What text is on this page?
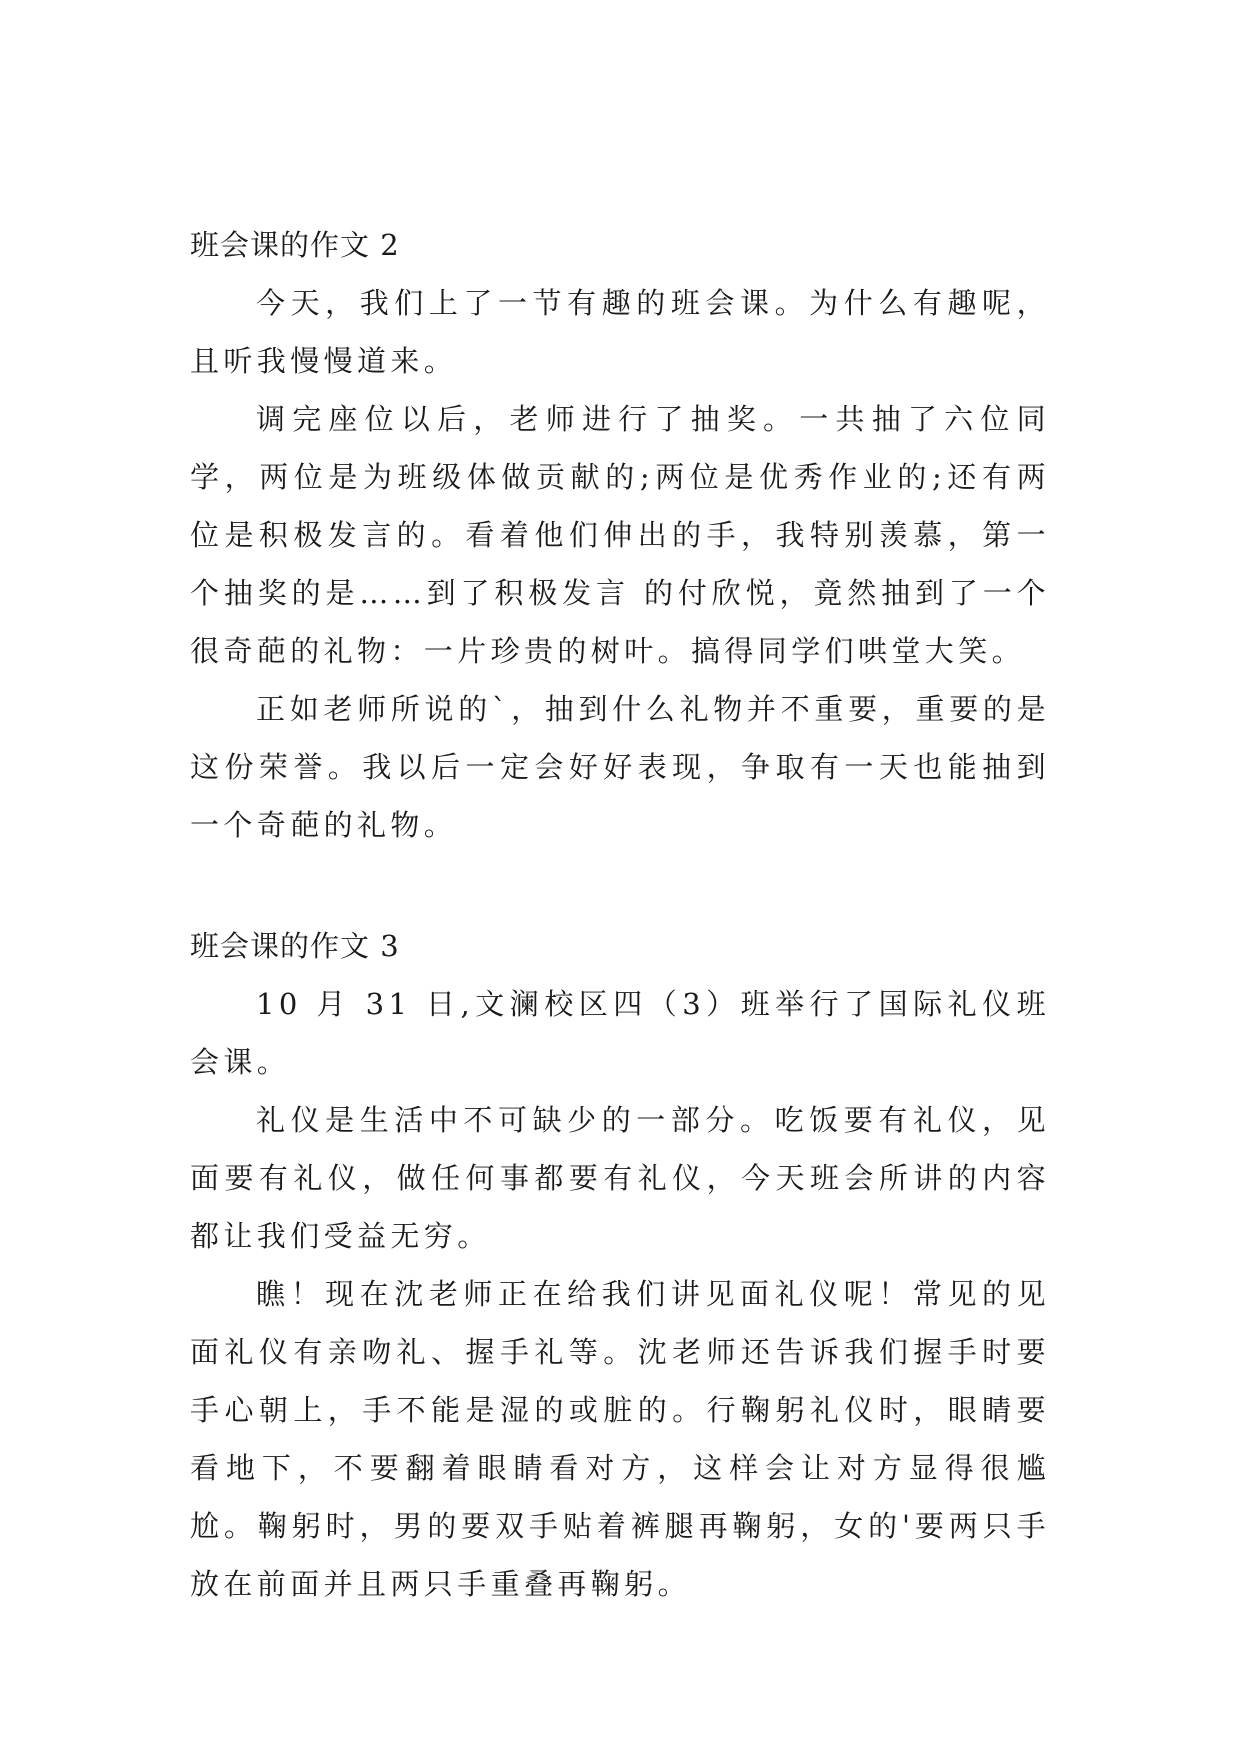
班会课的作文 2

今天，我们上了一节有趣的班会课。为什么有趣呢，且听我慢慢道来。

调完座位以后，老师进行了抽奖。一共抽了六位同学，两位是为班级体做贡献的;两位是优秀作业的;还有两位是积极发言的。看着他们伸出的手，我特别羡慕，第一个抽奖的是……到了积极发言 的付欣悦，竟然抽到了一个很奇葩的礼物：一片珍贵的树叶。搞得同学们哄堂大笑。

正如老师所说的`，抽到什么礼物并不重要，重要的是这份荣誉。我以后一定会好好表现，争取有一天也能抽到一个奇葩的礼物。

班会课的作文 3

10 月 31 日,文澜校区四（3）班举行了国际礼仪班会课。

礼仪是生活中不可缺少的一部分。吃饭要有礼仪，见面要有礼仪，做任何事都要有礼仪，今天班会所讲的内容都让我们受益无穷。

瞧！现在沈老师正在给我们讲见面礼仪呢！常见的见面礼仪有亲吻礼、握手礼等。沈老师还告诉我们握手时要手心朝上，手不能是湿的或脏的。行鞠躬礼仪时，眼睛要看地下，不要翻着眼睛看对方，这样会让对方显得很尴尬。鞠躬时，男的要双手贴着裤腿再鞠躬，女的'要两只手放在前面并且两只手重叠再鞠躬。
